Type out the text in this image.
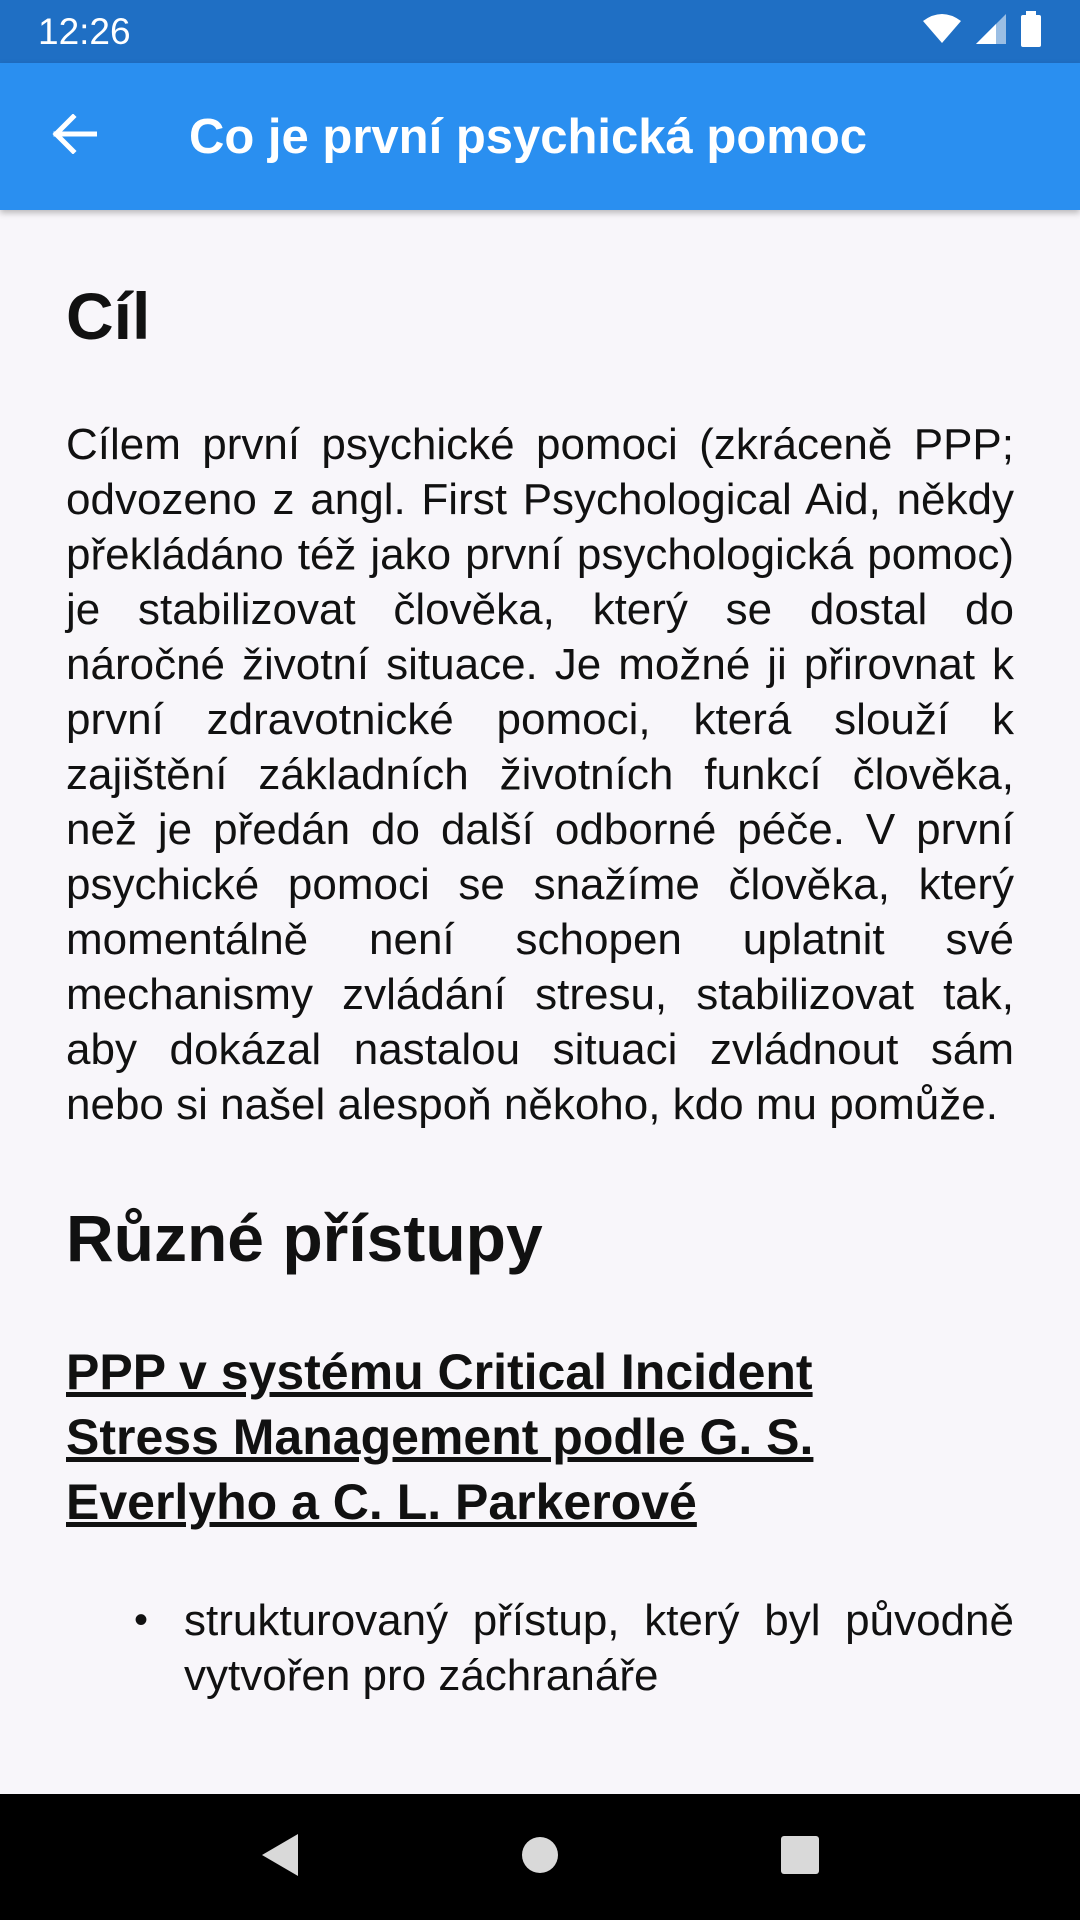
12:26
Co je první psychická pomoc
Cíl

Cílem první psychické pomoci (zkráceně PPP; odvozeno z angl. First Psychological Aid, někdy překládáno též jako první psychologická pomoc) je stabilizovat člověka, který se dostal do náročné životní situace. Je možné ji přirovnat k první zdravotnické pomoci, která slouží k zajištění základních životních funkcí člověka, než je předán do další odborné péče. V první psychické pomoci se snažíme člověka, který momentálně není schopen uplatnit své mechanismy zvládání stresu, stabilizovat tak, aby dokázal nastalou situaci zvládnout sám nebo si našel alespoň někoho, kdo mu pomůže.

Různé přístupy
PPP v systému Critical Incident Stress Management podle G. S. Everlyho a C. L. Parkerové
• strukturovaný přístup, který byl původně vytvořen pro záchranáře
